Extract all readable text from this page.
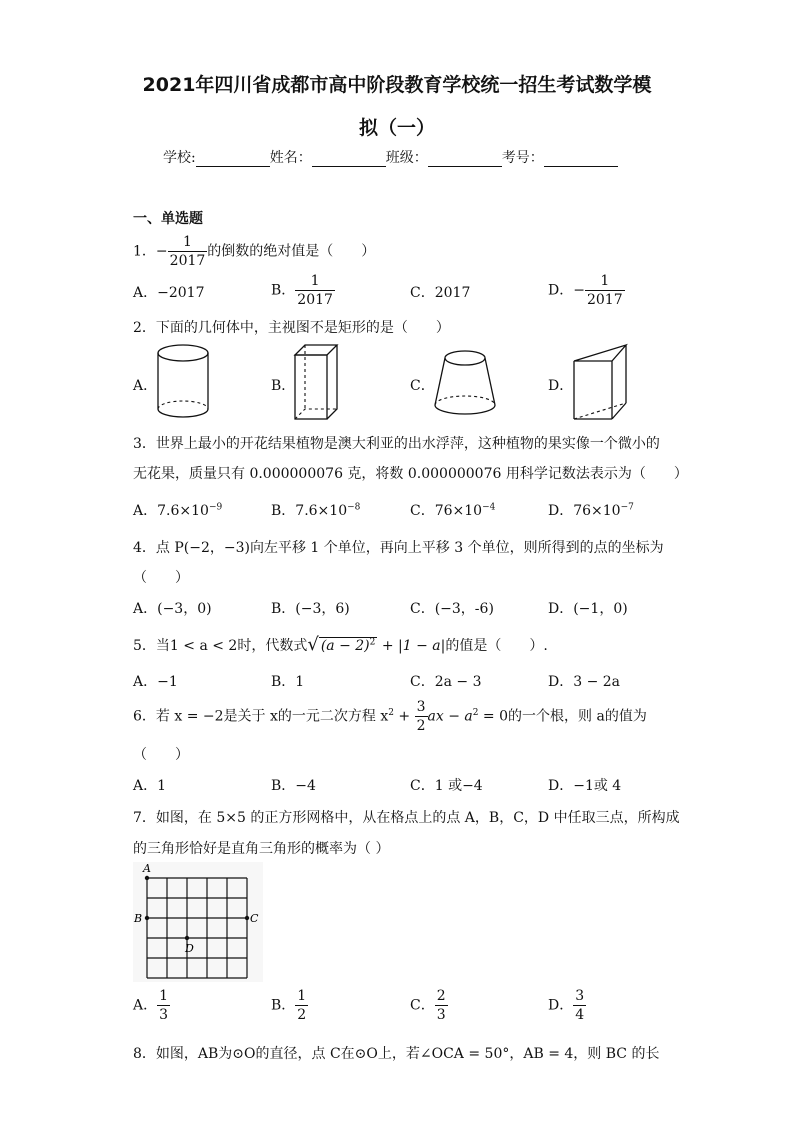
2021年四川省成都市高中阶段教育学校统一招生考试数学模
拟（一）
学校:	姓名：	班级：	考号：
一、单选题
1．− $\frac{1}{2017}$ 的倒数的绝对值是（　　）
A．−2017	B． $\frac{1}{2017}$	C．2017	D．− $\frac{1}{2017}$
2．下面的几何体中，主视图不是矩形的是（　　）
A．	B．	C．	D．
3．世界上最小的开花结果植物是澳大利亚的出水浮萍，这种植物的果实像一个微小的
无花果，质量只有 0.000000076 克，将数 0.000000076 用科学记数法表示为（　　）
A．$7.6\times 10^{-9}$	B．$7.6\times 10^{-8}$	C．$76\times 10^{-4}$	D．$76\times 10^{-7}$
4．点 P(−2，−3)向左平移 1 个单位，再向上平移 3 个单位，则所得到的点的坐标为
（　　）
A．(−3，0)	B．(−3，6)	C．(−3，-6)	D．(−1，0)
5．当1 < a < 2时，代数式√ $(a - 2)^2 + |1 - a|$的值是（　　）.
A．−1	B．1	C．2a − 3	D．3 − 2a
6．若 x = −2是关于 x的一元二次方程 $x^2 + \frac{3}{2}$ ax − $a^2 = 0$的一个根，则 a的值为
（　　）
A．1	B．−4	C．1 或−4	D．−1或 4
7．如图，在 5×5 的正方形网格中，从在格点上的点 A，B，C，D 中任取三点，所构成
的三角形恰好是直角三角形的概率为（ ）
A
B	C
D
A． $\frac{1}{3}$	B． $\frac{1}{2}$	C． $\frac{2}{3}$	D． $\frac{3}{4}$
8．如图，AB为⊙O的直径，点 C在⊙O上，若∠OCA = 50°，AB = 4，则 BC 的长
